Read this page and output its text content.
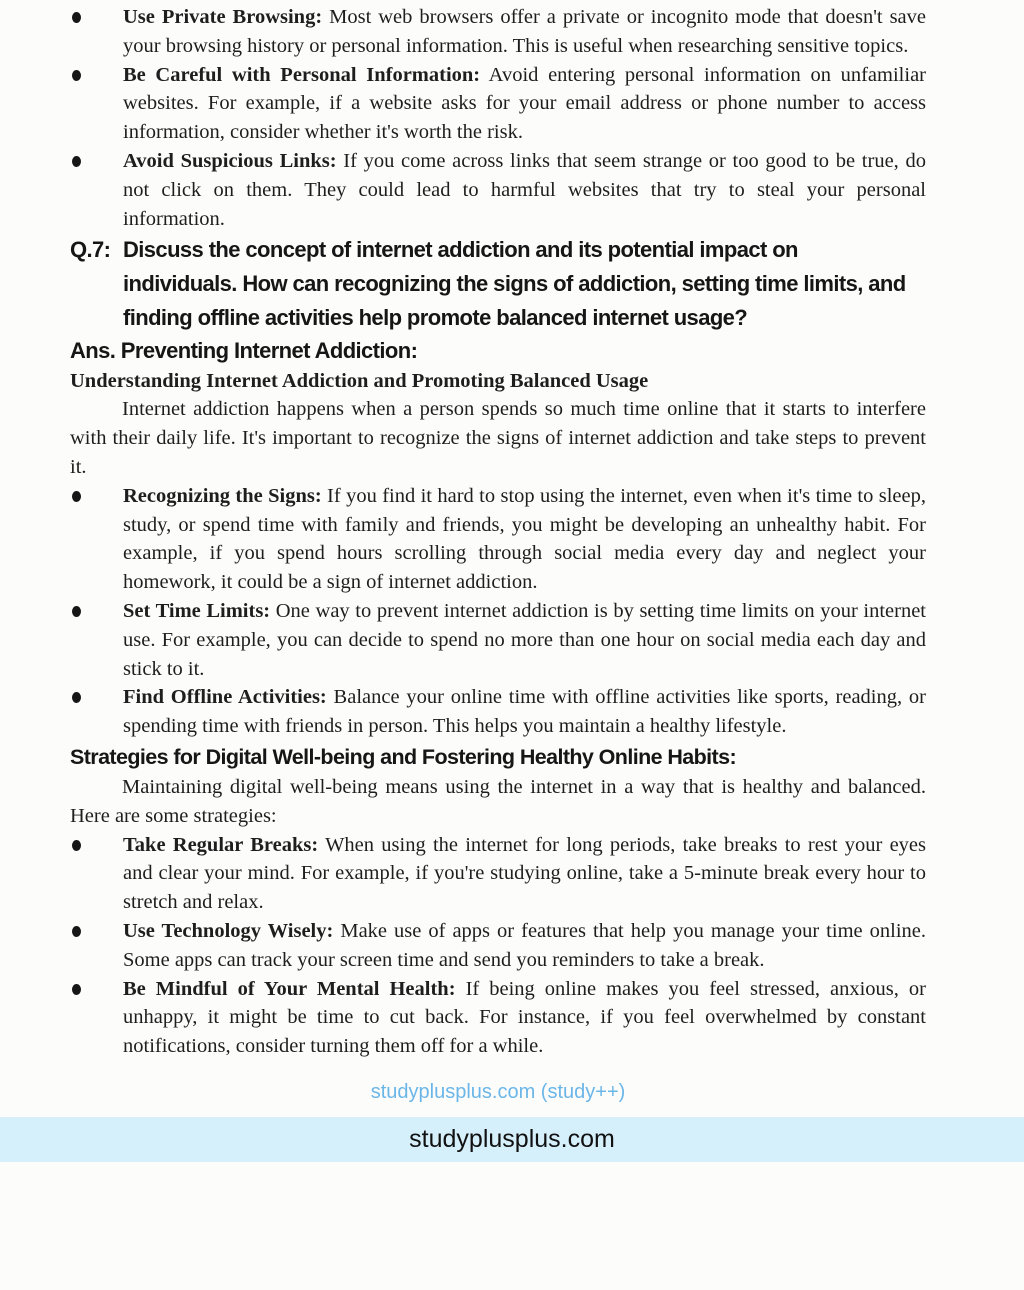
Use Private Browsing: Most web browsers offer a private or incognito mode that doesn't save your browsing history or personal information. This is useful when researching sensitive topics.
Be Careful with Personal Information: Avoid entering personal information on unfamiliar websites. For example, if a website asks for your email address or phone number to access information, consider whether it's worth the risk.
Avoid Suspicious Links: If you come across links that seem strange or too good to be true, do not click on them. They could lead to harmful websites that try to steal your personal information.
Q.7: Discuss the concept of internet addiction and its potential impact on
individuals. How can recognizing the signs of addiction, setting time limits, and finding offline activities help promote balanced internet usage?
Ans. Preventing Internet Addiction:
Understanding Internet Addiction and Promoting Balanced Usage
Internet addiction happens when a person spends so much time online that it starts to interfere with their daily life. It's important to recognize the signs of internet addiction and take steps to prevent it.
Recognizing the Signs: If you find it hard to stop using the internet, even when it's time to sleep, study, or spend time with family and friends, you might be developing an unhealthy habit. For example, if you spend hours scrolling through social media every day and neglect your homework, it could be a sign of internet addiction.
Set Time Limits: One way to prevent internet addiction is by setting time limits on your internet use. For example, you can decide to spend no more than one hour on social media each day and stick to it.
Find Offline Activities: Balance your online time with offline activities like sports, reading, or spending time with friends in person. This helps you maintain a healthy lifestyle.
Strategies for Digital Well-being and Fostering Healthy Online Habits:
Maintaining digital well-being means using the internet in a way that is healthy and balanced. Here are some strategies:
Take Regular Breaks: When using the internet for long periods, take breaks to rest your eyes and clear your mind. For example, if you're studying online, take a 5-minute break every hour to stretch and relax.
Use Technology Wisely: Make use of apps or features that help you manage your time online. Some apps can track your screen time and send you reminders to take a break.
Be Mindful of Your Mental Health: If being online makes you feel stressed, anxious, or unhappy, it might be time to cut back. For instance, if you feel overwhelmed by constant notifications, consider turning them off for a while.
studyplusplus.com (study++)
studyplusplus.com
